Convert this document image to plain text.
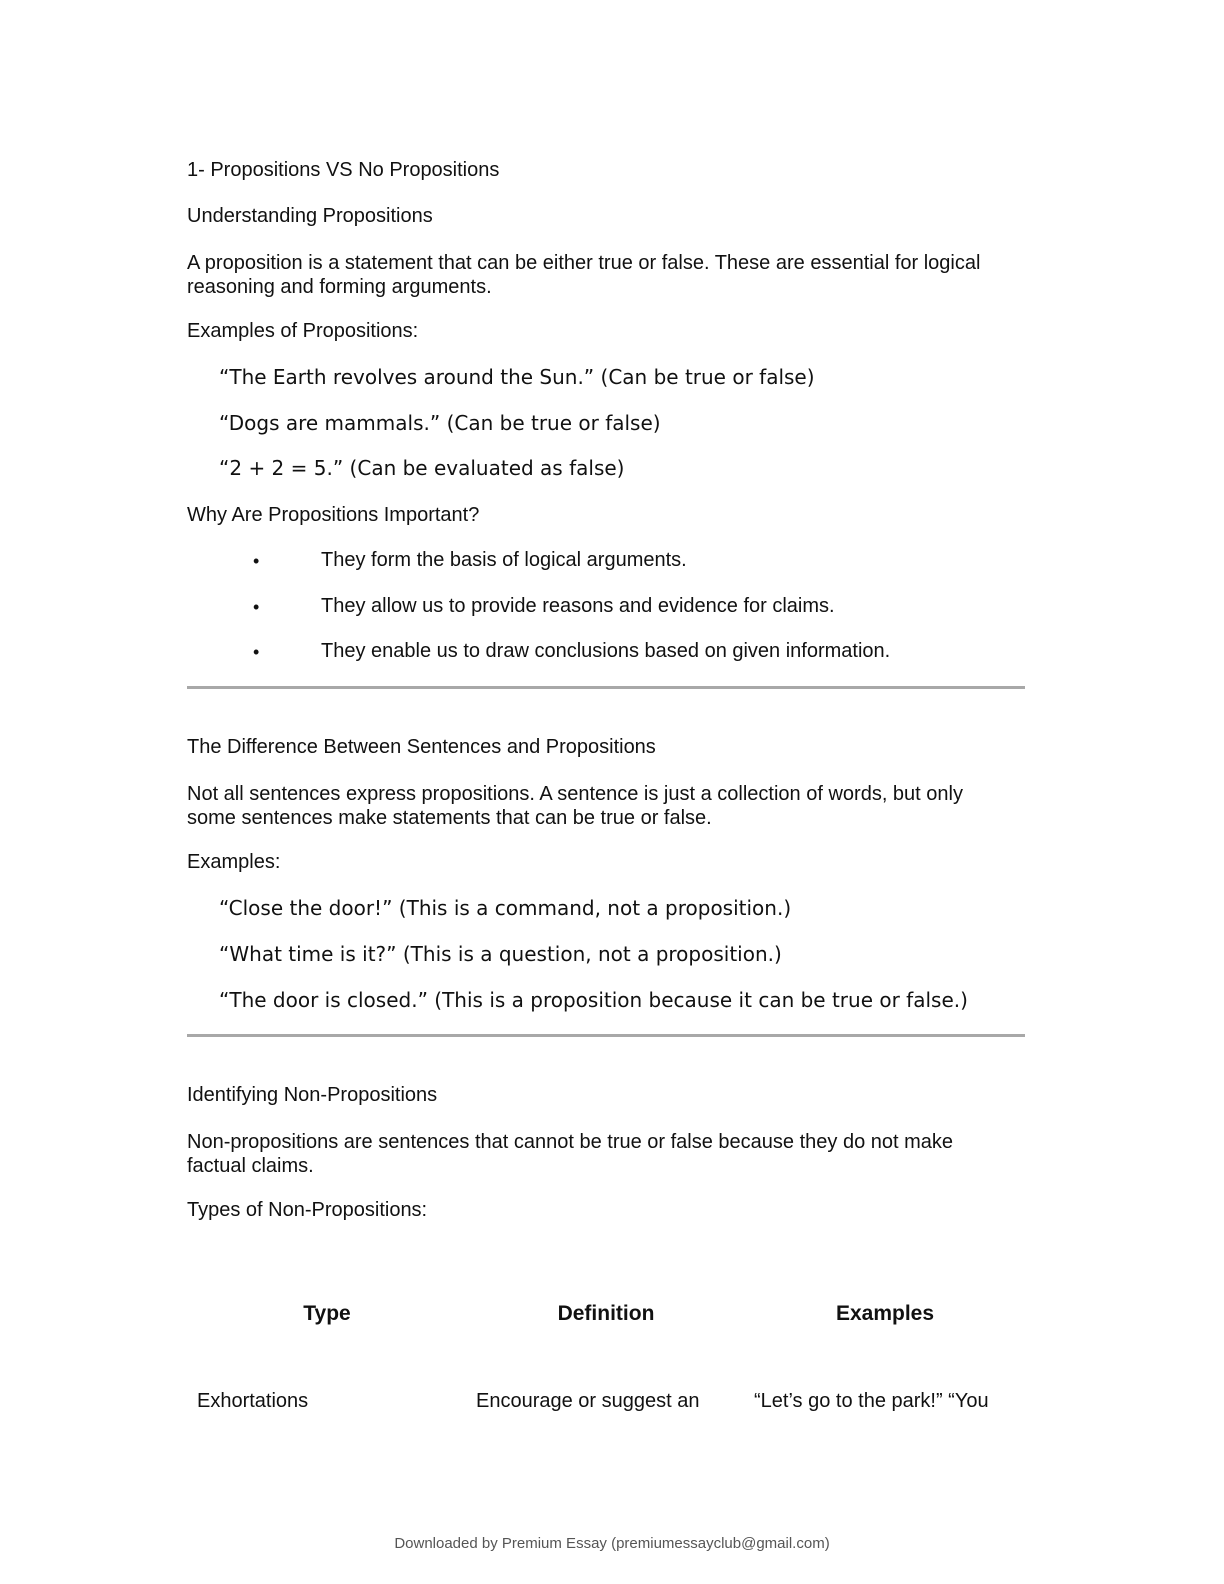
1- Propositions VS No Propositions

Understanding Propositions

A proposition is a statement that can be either true or false. These are essential for logical reasoning and forming arguments.

Examples of Propositions:

“The Earth revolves around the Sun.” (Can be true or false)

“Dogs are mammals.” (Can be true or false)

“2 + 2 = 5.” (Can be evaluated as false)

Why Are Propositions Important?

•	They form the basis of logical arguments.

•	They allow us to provide reasons and evidence for claims.

•	They enable us to draw conclusions based on given information.

The Difference Between Sentences and Propositions

Not all sentences express propositions. A sentence is just a collection of words, but only some sentences make statements that can be true or false.

Examples:

“Close the door!” (This is a command, not a proposition.)

“What time is it?” (This is a question, not a proposition.)

“The door is closed.” (This is a proposition because it can be true or false.)

Identifying Non-Propositions

Non-propositions are sentences that cannot be true or false because they do not make factual claims.

Types of Non-Propositions:

Type	Definition	Examples

Exhortations	Encourage or suggest an	“Let’s go to the park!” “You

Downloaded by Premium Essay (premiumessayclub@gmail.com)
